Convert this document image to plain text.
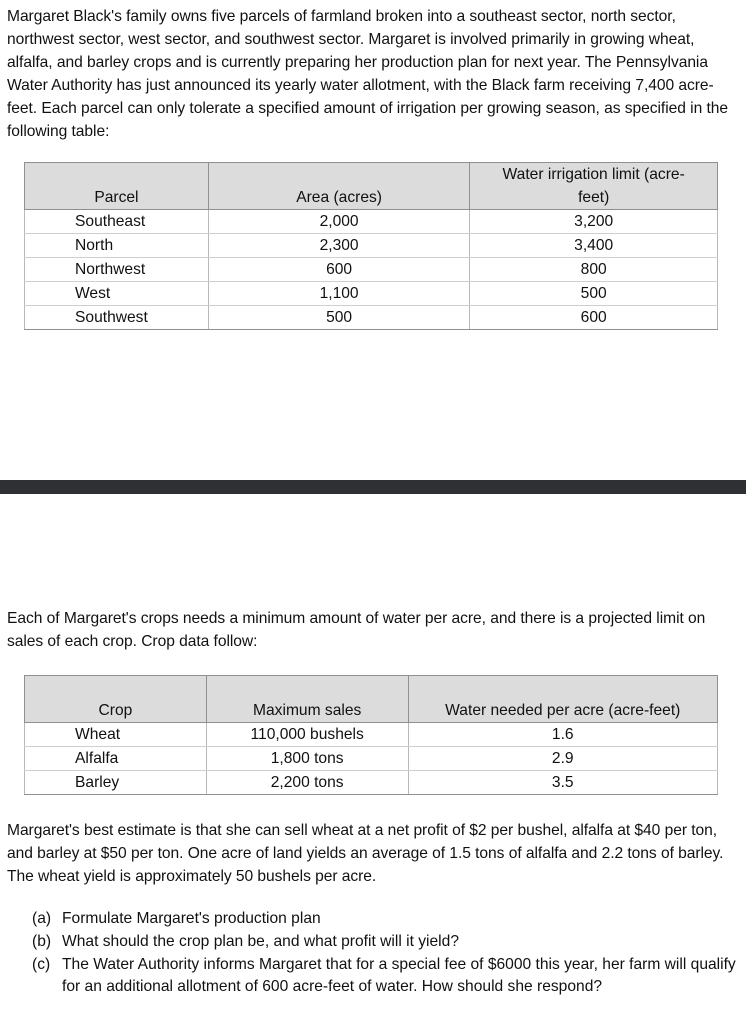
Margaret Black's family owns five parcels of farmland broken into a southeast sector, north sector, northwest sector, west sector, and southwest sector. Margaret is involved primarily in growing wheat, alfalfa, and barley crops and is currently preparing her production plan for next year. The Pennsylvania Water Authority has just announced its yearly water allotment, with the Black farm receiving 7,400 acre-feet. Each parcel can only tolerate a specified amount of irrigation per growing season, as specified in the following table:

Parcel	Area (acres)	Water irrigation limit (acre-feet)
Southeast	2,000	3,200
North	2,300	3,400
Northwest	600	800
West	1,100	500
Southwest	500	600

Each of Margaret's crops needs a minimum amount of water per acre, and there is a projected limit on sales of each crop. Crop data follow:

Crop	Maximum sales	Water needed per acre (acre-feet)
Wheat	110,000 bushels	1.6
Alfalfa	1,800 tons	2.9
Barley	2,200 tons	3.5

Margaret's best estimate is that she can sell wheat at a net profit of $2 per bushel, alfalfa at $40 per ton, and barley at $50 per ton. One acre of land yields an average of 1.5 tons of alfalfa and 2.2 tons of barley. The wheat yield is approximately 50 bushels per acre.

(a) Formulate Margaret's production plan
(b) What should the crop plan be, and what profit will it yield?
(c) The Water Authority informs Margaret that for a special fee of $6000 this year, her farm will qualify for an additional allotment of 600 acre-feet of water. How should she respond?
